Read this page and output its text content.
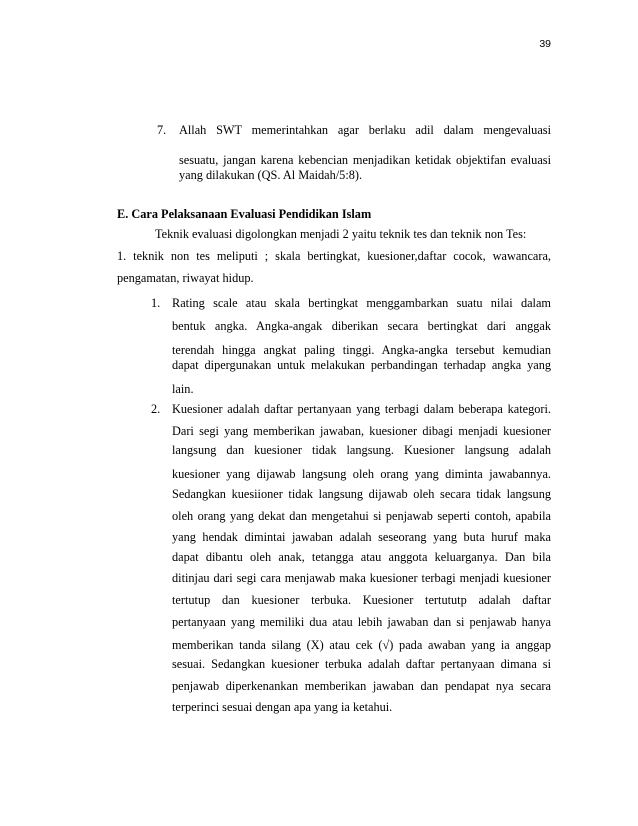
39
7. Allah SWT memerintahkan agar berlaku adil dalam mengevaluasi
sesuatu, jangan karena kebencian menjadikan ketidak objektifan evaluasi
yang dilakukan (QS. Al Maidah/5:8).
E. Cara Pelaksanaan Evaluasi Pendidikan Islam
Teknik evaluasi digolongkan menjadi 2 yaitu teknik tes dan teknik non Tes:
1. teknik non tes meliputi ; skala bertingkat, kuesioner,daftar cocok, wawancara,
pengamatan, riwayat hidup.
1. Rating scale atau skala bertingkat menggambarkan suatu nilai dalam
bentuk angka. Angka-angak diberikan secara bertingkat dari anggak
terendah hingga angkat paling tinggi. Angka-angka tersebut kemudian
dapat dipergunakan untuk melakukan perbandingan terhadap angka yang
lain.
2. Kuesioner adalah daftar pertanyaan yang terbagi dalam beberapa kategori.
Dari segi yang memberikan jawaban, kuesioner dibagi menjadi kuesioner
langsung dan kuesioner tidak langsung. Kuesioner langsung adalah
kuesioner yang dijawab langsung oleh orang yang diminta jawabannya.
Sedangkan kuesiioner tidak langsung dijawab oleh secara tidak langsung
oleh orang yang dekat dan mengetahui si penjawab seperti contoh, apabila
yang hendak dimintai jawaban adalah seseorang yang buta huruf maka
dapat dibantu oleh anak, tetangga atau anggota keluarganya. Dan bila
ditinjau dari segi cara menjawab maka kuesioner terbagi menjadi kuesioner
tertutup dan kuesioner terbuka. Kuesioner tertututp adalah daftar
pertanyaan yang memiliki dua atau lebih jawaban dan si penjawab hanya
memberikan tanda silang (X) atau cek (√) pada awaban yang ia anggap
sesuai. Sedangkan kuesioner terbuka adalah daftar pertanyaan dimana si
penjawab diperkenankan memberikan jawaban dan pendapat nya secara
terperinci sesuai dengan apa yang ia ketahui.
